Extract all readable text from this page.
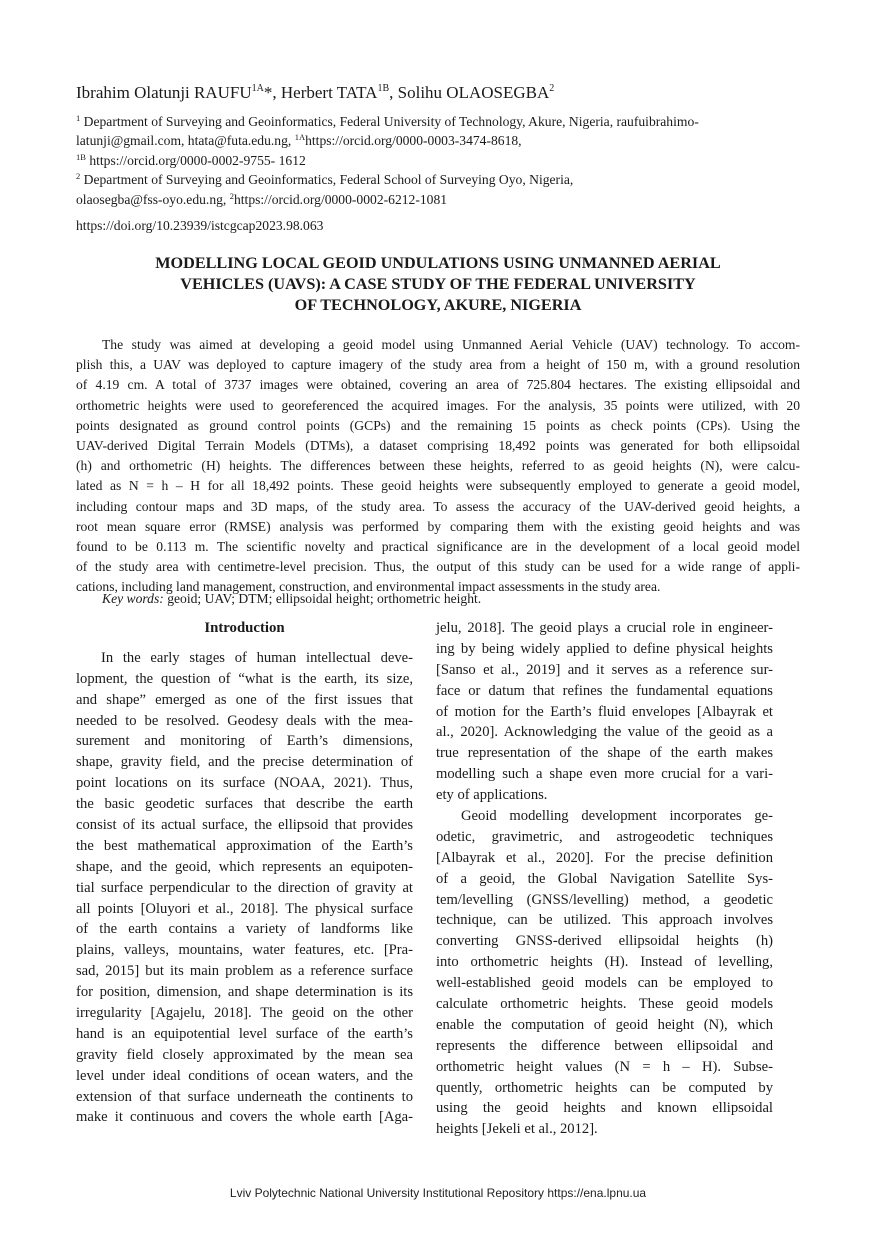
Ibrahim Olatunji $RAUFU^{1A}*$, Herbert $TATA^{1B}$, Solihu OLAOSEGBA$^2$
$^1$ Department of Surveying and Geoinformatics, Federal University of Technology, Akure, Nigeria, raufuibrahimo-
latunji@gmail.com, htata@futa.edu.ng, $^{1A}$https://orcid.org/0000-0003-3474-8618,
$^{1B}$ https://orcid.org/0000-0002-9755- 1612
$^2$ Department of Surveying and Geoinformatics, Federal School of Surveying Oyo, Nigeria,
olaosegba@fss-oyo.edu.ng, $^2$https://orcid.org/0000-0002-6212-1081
https://doi.org/10.23939/istcgcap2023.98.063
MODELLING LOCAL GEOID UNDULATIONS USING UNMANNED AERIAL
VEHICLES (UAVS): A CASE STUDY OF THE FEDERAL UNIVERSITY
OF TECHNOLOGY, AKURE, NIGERIA
The study was aimed at developing a geoid model using Unmanned Aerial Vehicle (UAV) technology. To accom-
plish this, a UAV was deployed to capture imagery of the study area from a height of 150 m, with a ground resolution
of 4.19 cm. A total of 3737 images were obtained, covering an area of 725.804 hectares. The existing ellipsoidal and
orthometric heights were used to georeferenced the acquired images. For the analysis, 35 points were utilized, with 20
points designated as ground control points (GCPs) and the remaining 15 points as check points (CPs). Using the
UAV-derived Digital Terrain Models (DTMs), a dataset comprising 18,492 points was generated for both ellipsoidal
(h) and orthometric (H) heights. The differences between these heights, referred to as geoid heights (N), were calcu-
lated as N = h – H for all 18,492 points. These geoid heights were subsequently employed to generate a geoid model,
including contour maps and 3D maps, of the study area. To assess the accuracy of the UAV-derived geoid heights, a
root mean square error (RMSE) analysis was performed by comparing them with the existing geoid heights and was
found to be 0.113 m. The scientific novelty and practical significance are in the development of a local geoid model
of the study area with centimetre-level precision. Thus, the output of this study can be used for a wide range of appli-
cations, including land management, construction, and environmental impact assessments in the study area.
Key words: geoid; UAV; DTM; ellipsoidal height; orthometric height.
Introduction
In the early stages of human intellectual deve-
lopment, the question of “what is the earth, its size,
and shape” emerged as one of the first issues that
needed to be resolved. Geodesy deals with the mea-
surement and monitoring of Earth’s dimensions,
shape, gravity field, and the precise determination of
point locations on its surface (NOAA, 2021). Thus,
the basic geodetic surfaces that describe the earth
consist of its actual surface, the ellipsoid that provides
the best mathematical approximation of the Earth’s
shape, and the geoid, which represents an equipoten-
tial surface perpendicular to the direction of gravity at
all points [Oluyori et al., 2018]. The physical surface
of the earth contains a variety of landforms like
plains, valleys, mountains, water features, etc. [Pra-
sad, 2015] but its main problem as a reference surface
for position, dimension, and shape determination is its
irregularity [Agajelu, 2018]. The geoid on the other
hand is an equipotential level surface of the earth’s
gravity field closely approximated by the mean sea
level under ideal conditions of ocean waters, and the
extension of that surface underneath the continents to
make it continuous and covers the whole earth [Aga-
jelu, 2018]. The geoid plays a crucial role in engineer-
ing by being widely applied to define physical heights
[Sanso et al., 2019] and it serves as a reference sur-
face or datum that refines the fundamental equations
of motion for the Earth’s fluid envelopes [Albayrak et
al., 2020]. Acknowledging the value of the geoid as a
true representation of the shape of the earth makes
modelling such a shape even more crucial for a vari-
ety of applications.
Geoid modelling development incorporates ge-
odetic, gravimetric, and astrogeodetic techniques
[Albayrak et al., 2020]. For the precise definition
of a geoid, the Global Navigation Satellite Sys-
tem/levelling (GNSS/levelling) method, a geodetic
technique, can be utilized. This approach involves
converting GNSS-derived ellipsoidal heights (h)
into orthometric heights (H). Instead of levelling,
well-established geoid models can be employed to
calculate orthometric heights. These geoid models
enable the computation of geoid height (N), which
represents the difference between ellipsoidal and
orthometric height values (N = h – H). Subse-
quently, orthometric heights can be computed by
using the geoid heights and known ellipsoidal
heights [Jekeli et al., 2012].
Lviv Polytechnic National University Institutional Repository https://ena.lpnu.ua
